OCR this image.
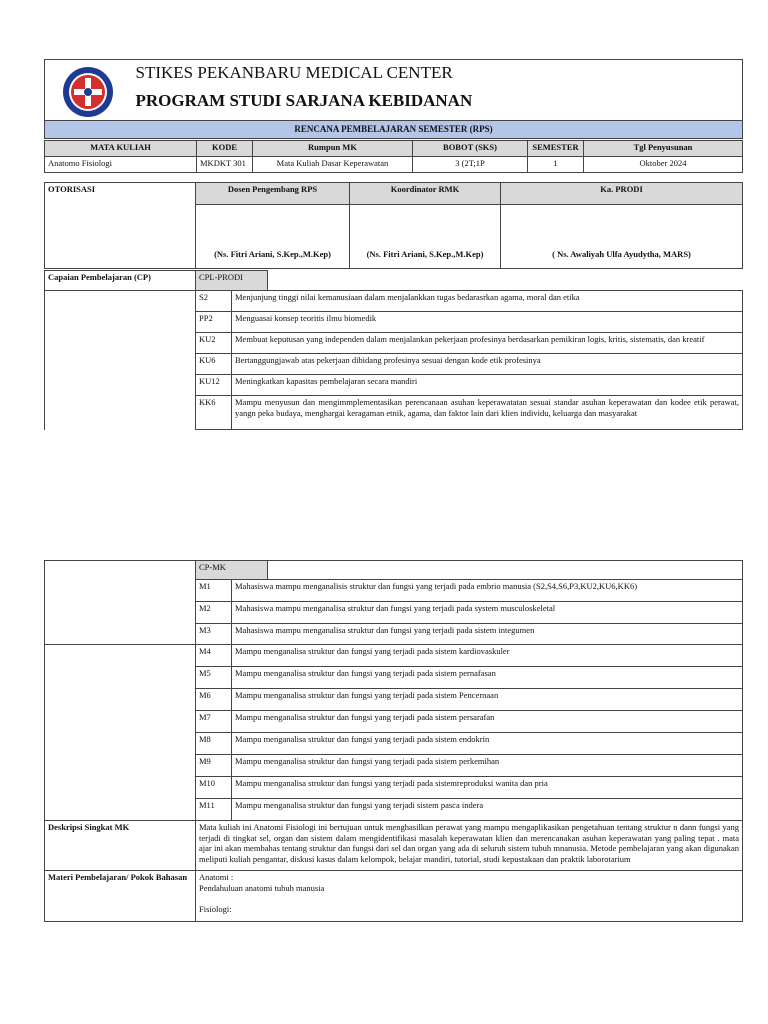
STIKES PEKANBARU MEDICAL CENTER
PROGRAM STUDI SARJANA KEBIDANAN

RENCANA PEMBELAJARAN SEMESTER (RPS)
MATA KULIAH	KODE	Rumpun MK	BOBOT (SKS)	SEMESTER	Tgl Penyusunan
Anatomo Fisiologi	MKDKT 301	Mata Kuliah Dasar Keperawatan	3 (2T;1P	1	Oktober 2024
OTORISASI	Dosen Pengembang RPS	Koordinator RMK	Ka. PRODI
	(Ns. Fitri Ariani, S.Kep.,M.Kep)	(Ns. Fitri Ariani, S.Kep.,M.Kep)	( Ns. Awaliyah Ulfa Ayudytha, MARS)
Capaian Pembelajaran (CP)	CPL-PRODI		
	S2	Menjunjung tinggi nilai kemanusiaan dalam menjalankkan tugas bedarasrkan agama, moral dan etika	
	PP2	Menguasai konsep teoritis ilmu biomedik	
	KU2	Membuat keputusan yang independen dalam menjalankan pekerjaan profesinya berdasarkan pemikiran logis, kritis, sistematis, dan kreatif	
	KU6	Bertanggungjawab atas pekerjaan dibidang profesinya sesuai dengan kode etik profesinya	
	KU12	Meningkatkan kapasitas pembelajaran secara mandiri	
	KK6	Mampu menyusun dan mengimmplementasikan perencanaan asuhan keperawatatan sesuai standar asuhan keperawatan dan kodee etik perawat, yangn peka budaya, menghargai keragaman etnik, agama, dan faktor lain dari klien individu, keluarga dan masyarakat	
	CP-MK		
	M1	Mahasiswa mampu menganalisis struktur dan fungsi yang terjadi pada embrio manusia (S2,S4,S6,P3,KU2,KU6,KK6)	
	M2	Mahasiswa mampu menganalisa struktur dan fungsi yang terjadi pada system musculoskeletal	
	M3	Mahasiswa mampu menganalisa struktur dan fungsi yang terjadi pada sistem integumen	
	M4	Mampu menganalisa struktur dan fungsi yang terjadi pada sistem kardiovaskuler	
	M5	Mampu menganalisa struktur dan fungsi yang terjadi pada sistem pernafasan	
	M6	Mampu menganalisa struktur dan fungsi yang terjadi pada sistem Pencernaan	
	M7	Mampu menganalisa struktur dan fungsi yang terjadi pada sistem persarafan	
	M8	Mampu menganalisa struktur dan fungsi yang terjadi pada sistem endokrin	
	M9	Mampu menganalisa struktur dan fungsi yang terjadi pada sistem perkemihan	
	M10	Mampu menganalisa struktur dan fungsi yang terjadi pada sistemreproduksi wanita dan pria	
	M11	Mampu menganalisa struktur dan fungsi yang terjadi sistem pasca indera	
Deskripsi Singkat MK	Mata kuliah ini Anatomi Fisiologi ini bertujuan untuk menghasilkan perawat yang mampu mengaplikasikan pengetahuan tentang struktur n dann fungsi yang terjadi di tingkat sel, organ dan sistem dalam mengidentifikasi masalah keperawatan klien dan merencanakan asuhan keperawatan yang paling tepat . mata ajar ini akan membahas tentang struktur dan fungsi dari sel dan organ yang ada di seluruh sistem tubuh mnanusia. Metode pembelajaran yang akan digunakan meliputi kuliah pengantar, diskusi kasus dalam kelompok, belajar mandiri, tutorial, studi kepustakaan dan praktik laborotarium		
Materi Pembelajaran/ Pokok Bahasan	Anatomi :
Pendahuluan anatomi tubuh manusia
Fisiologi:		
